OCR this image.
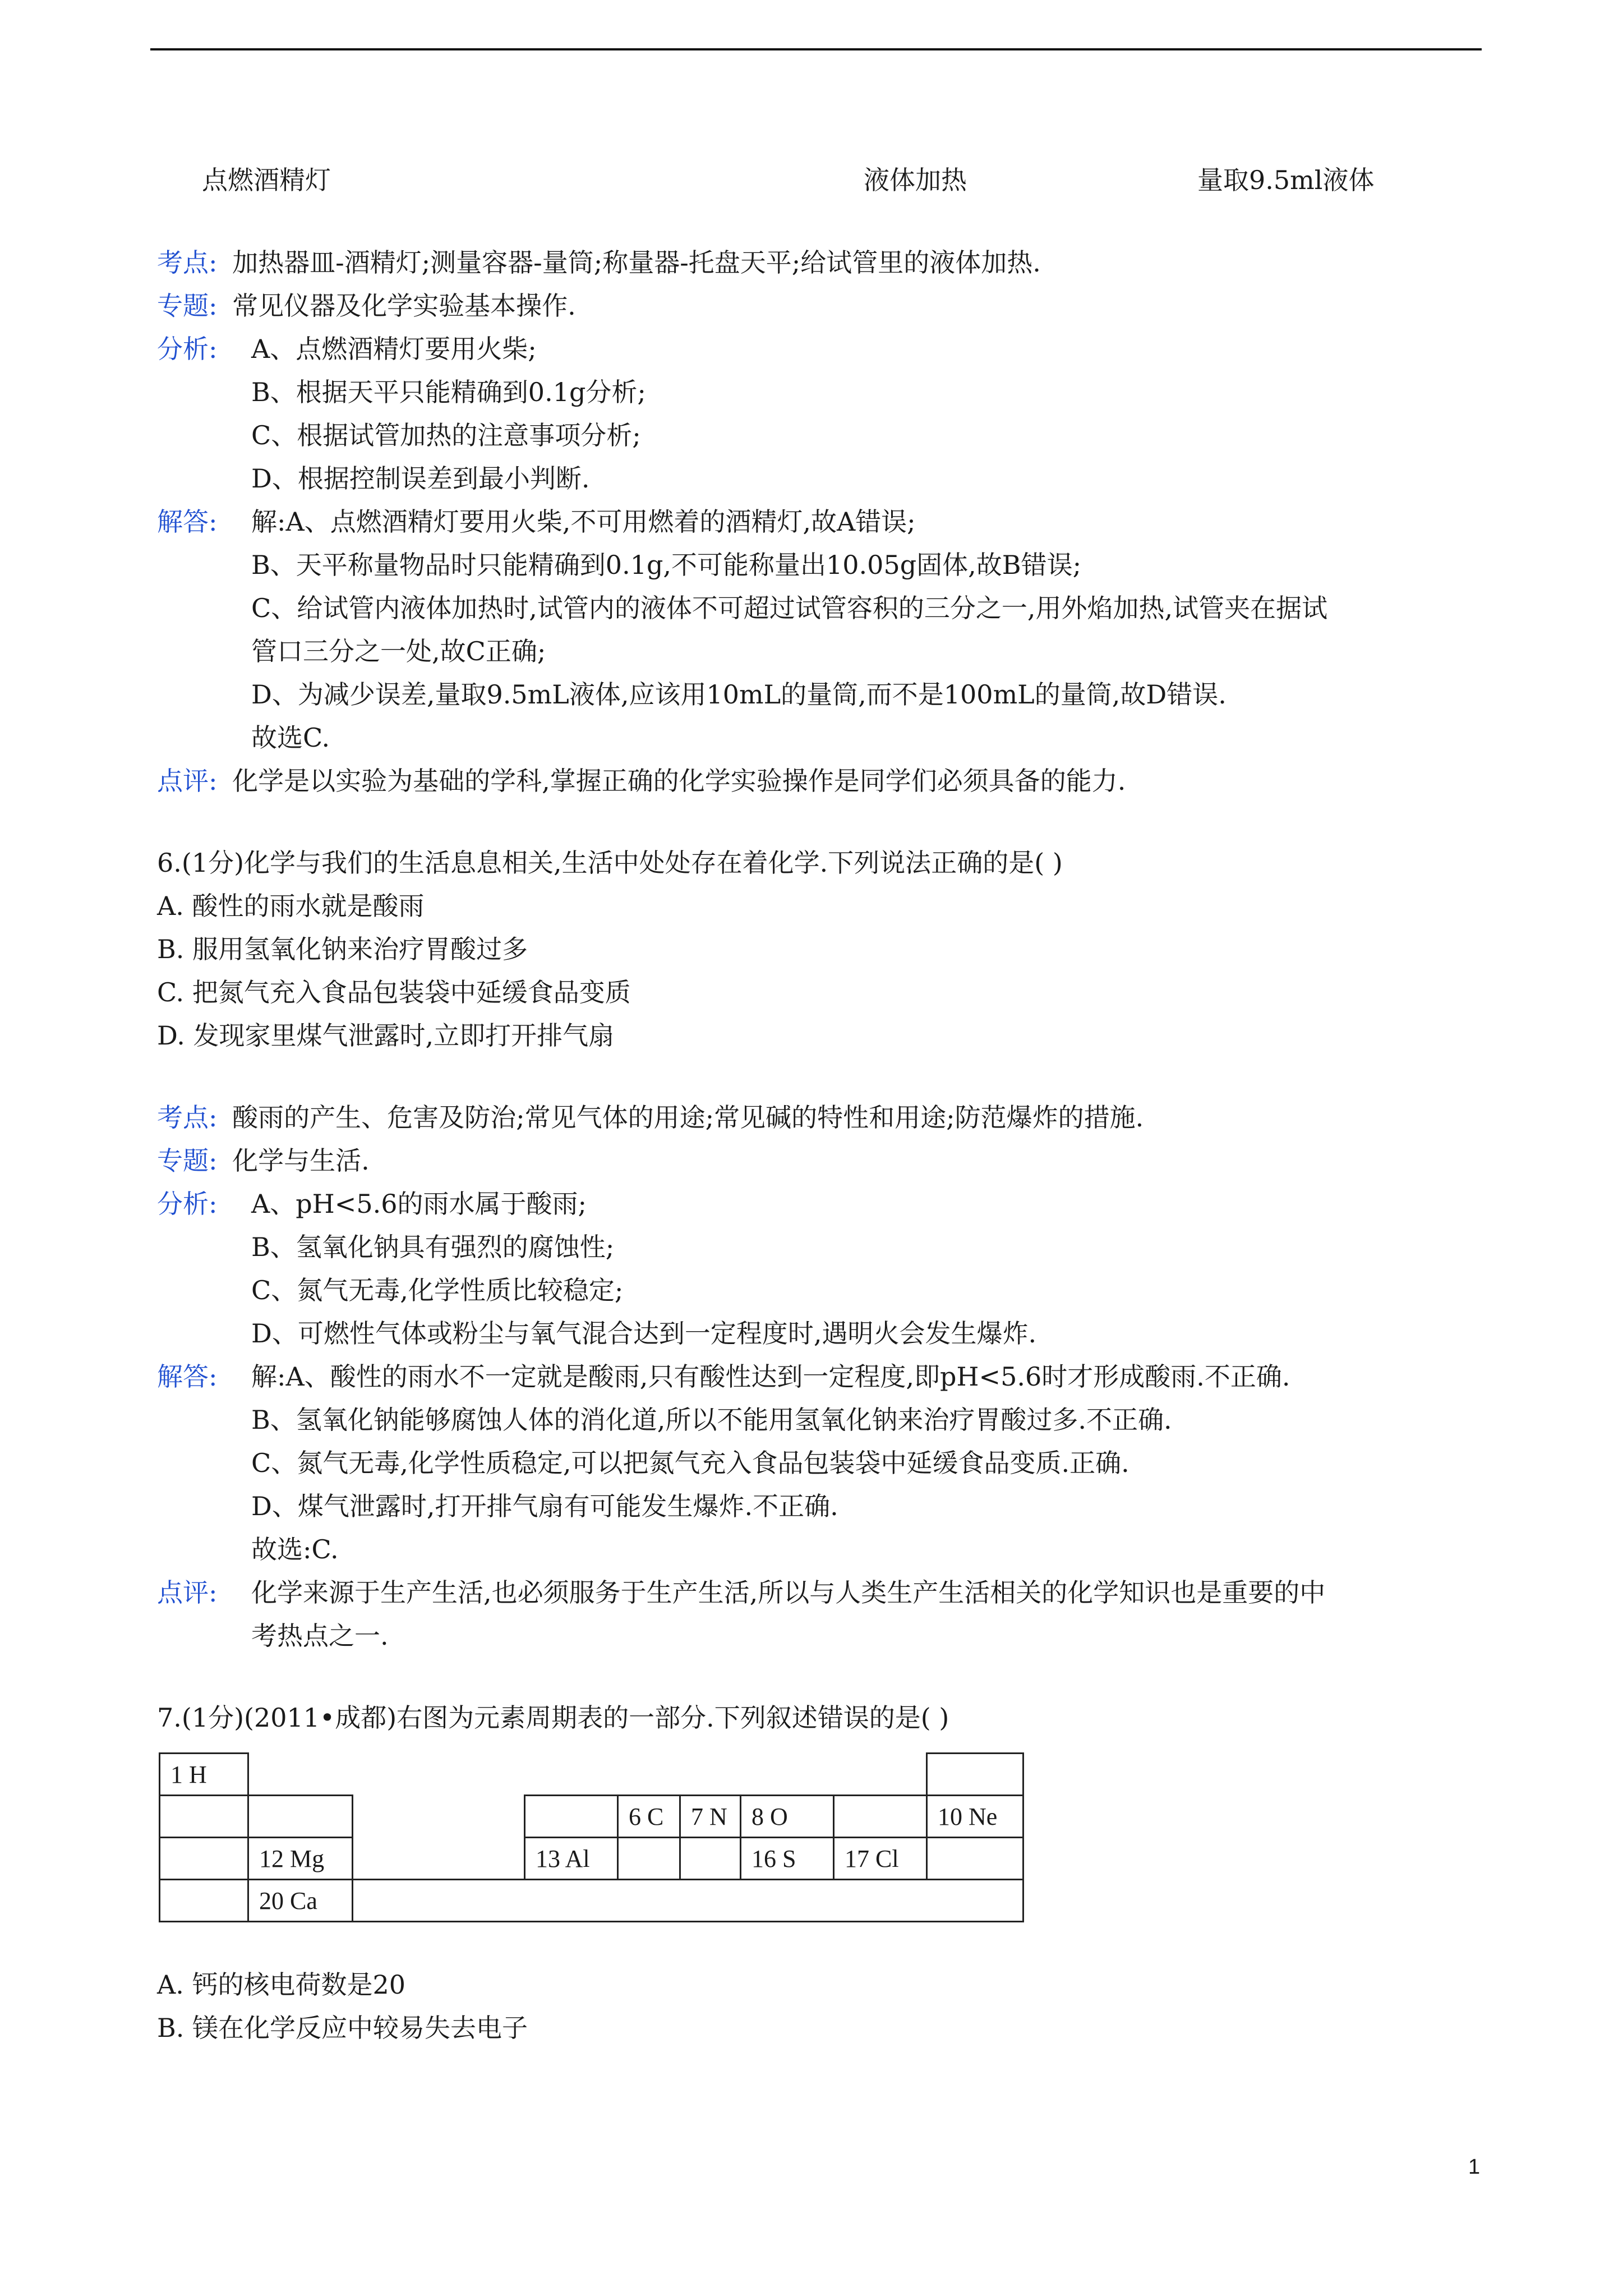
点燃酒精灯	液体加热	量取9.5ml液体
考点: 加热器皿-酒精灯;测量容器-量筒;称量器-托盘天平;给试管里的液体加热.
专题: 常见仪器及化学实验基本操作.
分析: A、点燃酒精灯要用火柴;
B、根据天平只能精确到0.1g分析;
C、根据试管加热的注意事项分析;
D、根据控制误差到最小判断.
解答: 解:A、点燃酒精灯要用火柴,不可用燃着的酒精灯,故A错误;
B、天平称量物品时只能精确到0.1g,不可能称量出10.05g固体,故B错误;
C、给试管内液体加热时,试管内的液体不可超过试管容积的三分之一,用外焰加热,试管夹在据试
管口三分之一处,故C正确;
D、为减少误差,量取9.5mL液体,应该用10mL的量筒,而不是100mL的量筒,故D错误.
故选C.
点评: 化学是以实验为基础的学科,掌握正确的化学实验操作是同学们必须具备的能力.
6.(1分)化学与我们的生活息息相关,生活中处处存在着化学.下列说法正确的是( )
A. 酸性的雨水就是酸雨
B. 服用氢氧化钠来治疗胃酸过多
C. 把氮气充入食品包装袋中延缓食品变质
D. 发现家里煤气泄露时,立即打开排气扇
考点: 酸雨的产生、危害及防治;常见气体的用途;常见碱的特性和用途;防范爆炸的措施.
专题: 化学与生活.
分析: A、pH<5.6的雨水属于酸雨;
B、氢氧化钠具有强烈的腐蚀性;
C、氮气无毒,化学性质比较稳定;
D、可燃性气体或粉尘与氧气混合达到一定程度时,遇明火会发生爆炸.
解答: 解:A、酸性的雨水不一定就是酸雨,只有酸性达到一定程度,即pH<5.6时才形成酸雨.不正确.
B、氢氧化钠能够腐蚀人体的消化道,所以不能用氢氧化钠来治疗胃酸过多.不正确.
C、氮气无毒,化学性质稳定,可以把氮气充入食品包装袋中延缓食品变质.正确.
D、煤气泄露时,打开排气扇有可能发生爆炸.不正确.
故选:C.
点评: 化学来源于生产生活,也必须服务于生产生活,所以与人类生产生活相关的化学知识也是重要的中
考热点之一.
7.(1分)(2011•成都)右图为元素周期表的一部分.下列叙述错误的是( )
1 H								
				6 C	7 N	8 O		10 Ne
	12 Mg		13 Al			16 S	17 Cl	
	20 Ca							
A. 钙的核电荷数是20
B. 镁在化学反应中较易失去电子
1
